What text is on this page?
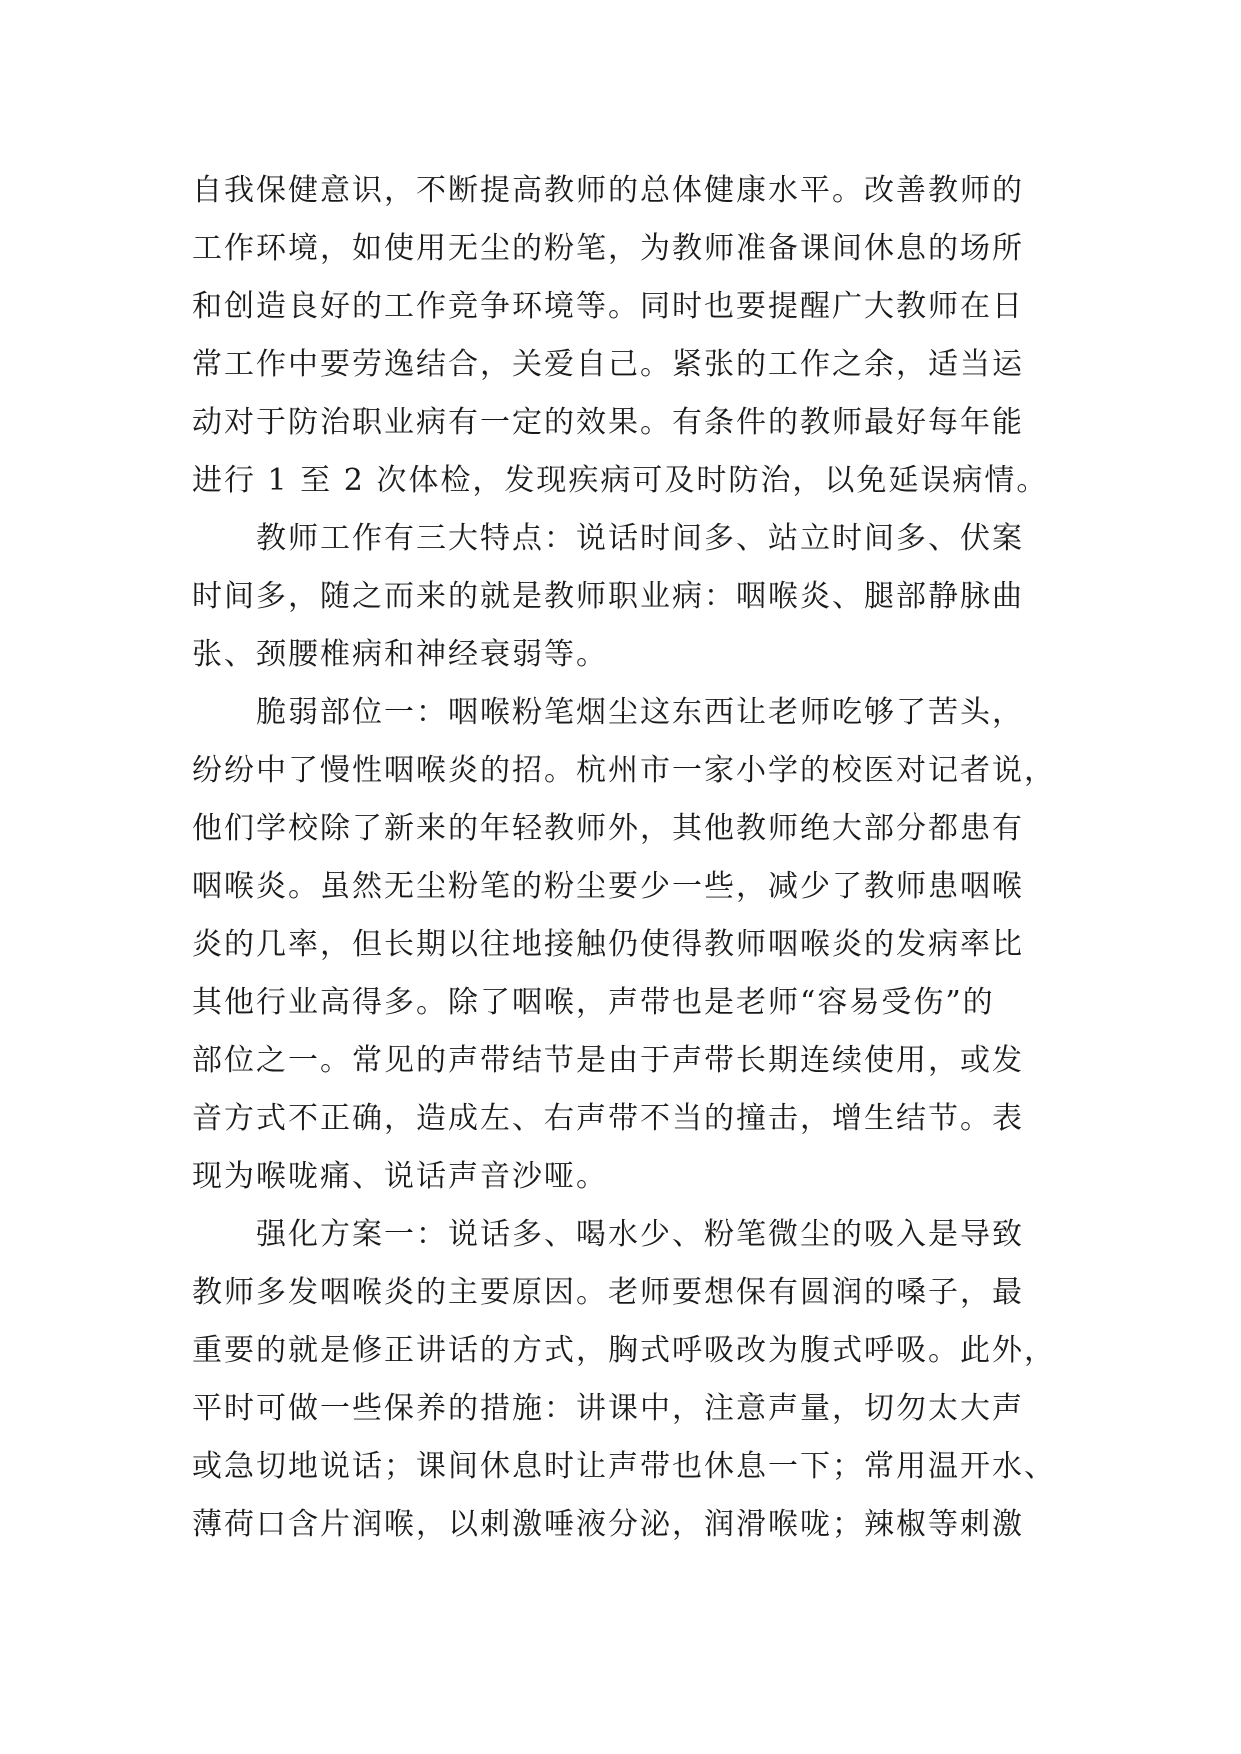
自我保健意识，不断提高教师的总体健康水平。改善教师的
工作环境，如使用无尘的粉笔，为教师准备课间休息的场所
和创造良好的工作竞争环境等。同时也要提醒广大教师在日
常工作中要劳逸结合，关爱自己。紧张的工作之余，适当运
动对于防治职业病有一定的效果。有条件的教师最好每年能
进行 1 至 2 次体检，发现疾病可及时防治，以免延误病情。
　　教师工作有三大特点：说话时间多、站立时间多、伏案
时间多，随之而来的就是教师职业病：咽喉炎、腿部静脉曲
张、颈腰椎病和神经衰弱等。
　　脆弱部位一：咽喉粉笔烟尘这东西让老师吃够了苦头，
纷纷中了慢性咽喉炎的招。杭州市一家小学的校医对记者说，
他们学校除了新来的年轻教师外，其他教师绝大部分都患有
咽喉炎。虽然无尘粉笔的粉尘要少一些，减少了教师患咽喉
炎的几率，但长期以往地接触仍使得教师咽喉炎的发病率比
其他行业高得多。除了咽喉，声带也是老师“容易受伤”的
部位之一。常见的声带结节是由于声带长期连续使用，或发
音方式不正确，造成左、右声带不当的撞击，增生结节。表
现为喉咙痛、说话声音沙哑。
　　强化方案一：说话多、喝水少、粉笔微尘的吸入是导致
教师多发咽喉炎的主要原因。老师要想保有圆润的嗓子，最
重要的就是修正讲话的方式，胸式呼吸改为腹式呼吸。此外，
平时可做一些保养的措施：讲课中，注意声量，切勿太大声
或急切地说话；课间休息时让声带也休息一下；常用温开水、
薄荷口含片润喉，以刺激唾液分泌，润滑喉咙；辣椒等刺激
